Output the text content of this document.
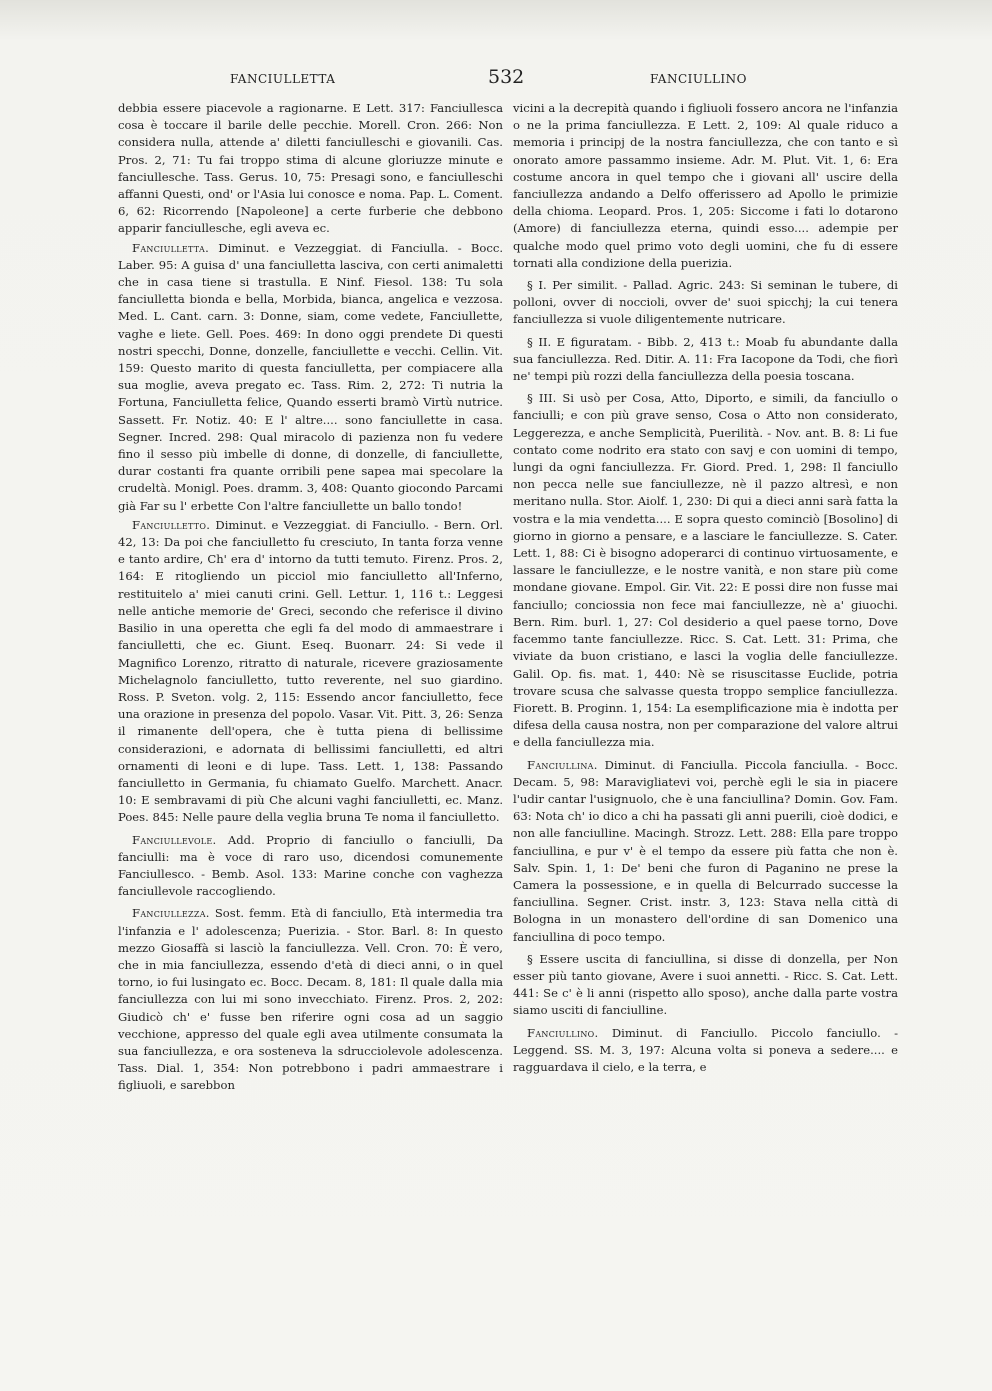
FANCIULLETTA	532	FANCIULLINO

debbia essere piacevole a ragionarne. E Lett. 317: Fanciullesca cosa è toccare il barile delle pecchie. Morell. Cron. 266: Non considera nulla, attende a' diletti fanciulleschi e giovanili. Cas. Pros. 2, 71: Tu fai troppo stima di alcune gloriuzze minute e fanciullesche. Tass. Gerus. 10, 75: Presagi sono, e fanciulleschi affanni Questi, ond' or l'Asia lui conosce e noma. Pap. L. Coment. 6, 62: Ricorrendo [Napoleone] a certe furberie che debbono apparir fanciullesche, egli aveva ec.

Fanciulletta. Diminut. e Vezzeggiat. di Fanciulla. - Bocc. Laber. 95: A guisa d' una fanciulletta lasciva, con certi animaletti che in casa tiene si trastulla. E Ninf. Fiesol. 138: Tu sola fanciulletta bionda e bella, Morbida, bianca, angelica e vezzosa. Med. L. Cant. carn. 3: Donne, siam, come vedete, Fanciullette, vaghe e liete. Gell. Poes. 469: In dono oggi prendete Di questi nostri specchi, Donne, donzelle, fanciullette e vecchi. Cellin. Vit. 159: Questo marito di questa fanciulletta, per compiacere alla sua moglie, aveva pregato ec. Tass. Rim. 2, 272: Ti nutria la Fortuna, Fanciulletta felice, Quando esserti bramò Virtù nutrice. Sassett. Fr. Notiz. 40: E l' altre.... sono fanciullette in casa. Segner. Incred. 298: Qual miracolo di pazienza non fu vedere fino il sesso più imbelle di donne, di donzelle, di fanciullette, durar costanti fra quante orribili pene sapea mai specolare la crudeltà. Monigl. Poes. dramm. 3, 408: Quanto giocondo Parcami già Far su l' erbette Con l'altre fanciullette un ballo tondo!

Fanciulletto. Diminut. e Vezzeggiat. di Fanciullo. - Bern. Orl. 42, 13: Da poi che fanciulletto fu cresciuto, In tanta forza venne e tanto ardire, Ch' era d' intorno da tutti temuto. Firenz. Pros. 2, 164: E ritogliendo un picciol mio fanciulletto all'Inferno, restituitelo a' miei canuti crini. Gell. Lettur. 1, 116 t.: Leggesi nelle antiche memorie de' Greci, secondo che referisce il divino Basilio in una operetta che egli fa del modo di ammaestrare i fanciulletti, che ec. Giunt. Eseq. Buonarr. 24: Si vede il Magnifico Lorenzo, ritratto di naturale, ricevere graziosamente Michelagnolo fanciulletto, tutto reverente, nel suo giardino. Ross. P. Sveton. volg. 2, 115: Essendo ancor fanciulletto, fece una orazione in presenza del popolo. Vasar. Vit. Pitt. 3, 26: Senza il rimanente dell'opera, che è tutta piena di bellissime considerazioni, e adornata di bellissimi fanciulletti, ed altri ornamenti di leoni e di lupe. Tass. Lett. 1, 138: Passando fanciulletto in Germania, fu chiamato Guelfo. Marchett. Anacr. 10: E sembravami di più Che alcuni vaghi fanciulletti, ec. Manz. Poes. 845: Nelle paure della veglia bruna Te noma il fanciulletto.

Fanciullevole. Add. Proprio di fanciullo o fanciulli, Da fanciulli: ma è voce di raro uso, dicendosi comunemente Fanciullesco. - Bemb. Asol. 133: Marine conche con vaghezza fanciullevole raccogliendo.

Fanciullezza. Sost. femm. Età di fanciullo, Età intermedia tra l'infanzia e l' adolescenza; Puerizia. - Stor. Barl. 8: In questo mezzo Giosaffà si lasciò la fanciullezza. Vell. Cron. 70: È vero, che in mia fanciullezza, essendo d'età di dieci anni, o in quel torno, io fui lusingato ec. Bocc. Decam. 8, 181: Il quale dalla mia fanciullezza con lui mi sono invecchiato. Firenz. Pros. 2, 202: Giudicò ch' e' fusse ben riferire ogni cosa ad un saggio vecchione, appresso del quale egli avea utilmente consumata la sua fanciullezza, e ora sosteneva la sdrucciolevole adolescenza. Tass. Dial. 1, 354: Non potrebbono i padri ammaestrare i figliuoli, e sarebbon

vicini a la decrepità quando i figliuoli fossero ancora ne l'infanzia o ne la prima fanciullezza. E Lett. 2, 109: Al quale riduco a memoria i principj de la nostra fanciullezza, che con tanto e sì onorato amore passammo insieme. Adr. M. Plut. Vit. 1, 6: Era costume ancora in quel tempo che i giovani all' uscire della fanciullezza andando a Delfo offerissero ad Apollo le primizie della chioma. Leopard. Pros. 1, 205: Siccome i fati lo dotarono (Amore) di fanciullezza eterna, quindi esso.... adempie per qualche modo quel primo voto degli uomini, che fu di essere tornati alla condizione della puerizia.

§ I. Per similit. - Pallad. Agric. 243: Si seminan le tubere, di polloni, ovver di noccioli, ovver de' suoi spicchj; la cui tenera fanciullezza si vuole diligentemente nutricare.

§ II. E figuratam. - Bibb. 2, 413 t.: Moab fu abundante dalla sua fanciullezza. Red. Ditir. A. 11: Fra Iacopone da Todi, che fiorì ne' tempi più rozzi della fanciullezza della poesia toscana.

§ III. Si usò per Cosa, Atto, Diporto, e simili, da fanciullo o fanciulli; e con più grave senso, Cosa o Atto non considerato, Leggerezza, e anche Semplicità, Puerilità. - Nov. ant. B. 8: Li fue contato come nodrito era stato con savj e con uomini di tempo, lungi da ogni fanciullezza. Fr. Giord. Pred. 1, 298: Il fanciullo non pecca nelle sue fanciullezze, nè il pazzo altresì, e non meritano nulla. Stor. Aiolf. 1, 230: Di qui a dieci anni sarà fatta la vostra e la mia vendetta.... E sopra questo cominciò [Bosolino] di giorno in giorno a pensare, e a lasciare le fanciullezze. S. Cater. Lett. 1, 88: Ci è bisogno adoperarci di continuo virtuosamente, e lassare le fanciullezze, e le nostre vanità, e non stare più come mondane giovane. Empol. Gir. Vit. 22: E possi dire non fusse mai fanciullo; conciossia non fece mai fanciullezze, nè a' giuochi. Bern. Rim. burl. 1, 27: Col desiderio a quel paese torno, Dove facemmo tante fanciullezze. Ricc. S. Cat. Lett. 31: Prima, che viviate da buon cristiano, e lasci la voglia delle fanciullezze. Galil. Op. fis. mat. 1, 440: Nè se risuscitasse Euclide, potria trovare scusa che salvasse questa troppo semplice fanciullezza. Fiorett. B. Proginn. 1, 154: La esemplificazione mia è indotta per difesa della causa nostra, non per comparazione del valore altrui e della fanciullezza mia.

Fanciullina. Diminut. di Fanciulla. Piccola fanciulla. - Bocc. Decam. 5, 98: Maravigliatevi voi, perchè egli le sia in piacere l'udir cantar l'usignuolo, che è una fanciullina? Domin. Gov. Fam. 63: Nota ch' io dico a chi ha passati gli anni puerili, cioè dodici, e non alle fanciulline. Macingh. Strozz. Lett. 288: Ella pare troppo fanciullina, e pur v' è el tempo da essere più fatta che non è. Salv. Spin. 1, 1: De' beni che furon di Paganino ne prese la Camera la possessione, e in quella di Belcurrado successe la fanciullina. Segner. Crist. instr. 3, 123: Stava nella città di Bologna in un monastero dell'ordine di san Domenico una fanciullina di poco tempo.

§ Essere uscita di fanciullina, si disse di donzella, per Non esser più tanto giovane, Avere i suoi annetti. - Ricc. S. Cat. Lett. 441: Se c' è li anni (rispetto allo sposo), anche dalla parte vostra siamo usciti di fanciulline.

Fanciullino. Diminut. di Fanciullo. Piccolo fanciullo. - Leggend. SS. M. 3, 197: Alcuna volta si poneva a sedere.... e ragguardava il cielo, e la terra, e
